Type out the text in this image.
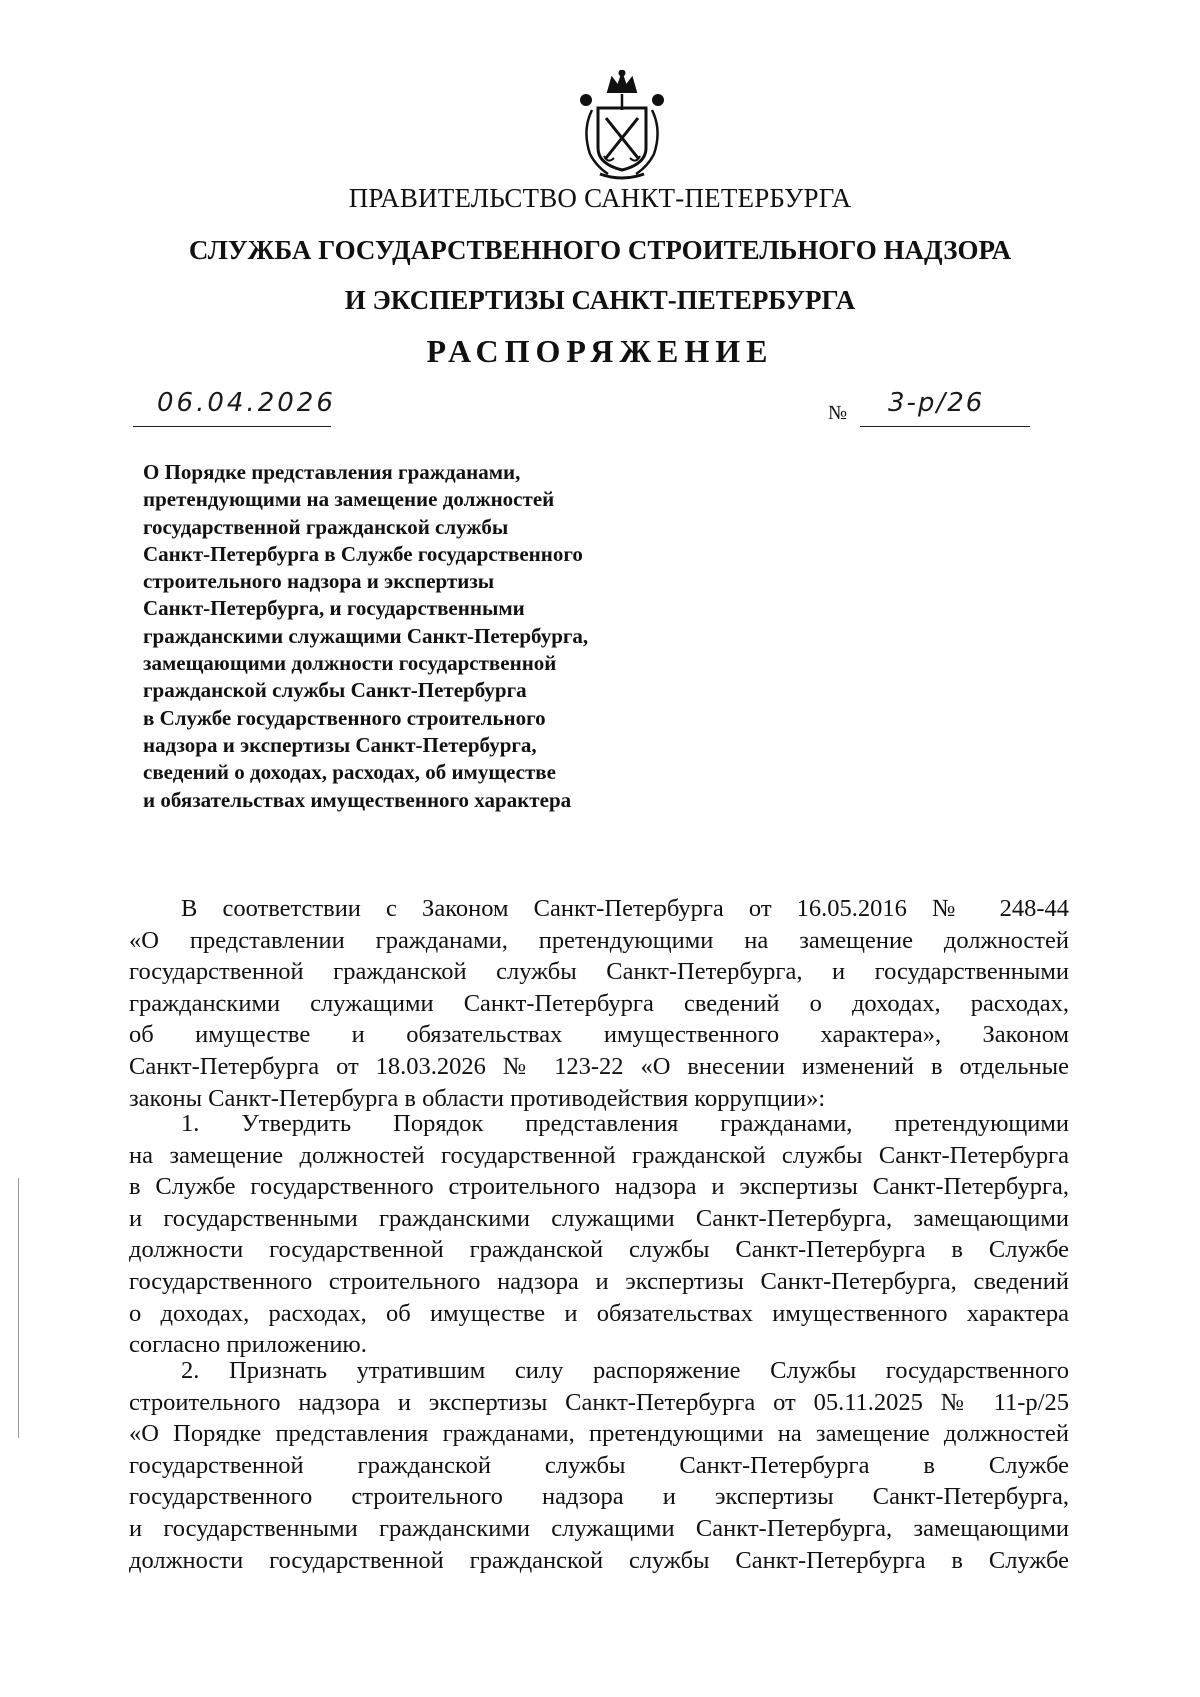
ПРАВИТЕЛЬСТВО САНКТ-ПЕТЕРБУРГА
СЛУЖБА ГОСУДАРСТВЕННОГО СТРОИТЕЛЬНОГО НАДЗОРА
И ЭКСПЕРТИЗЫ САНКТ-ПЕТЕРБУРГА
РАСПОРЯЖЕНИЕ
06.04.2026	№ 3-р/26
О Порядке представления гражданами,
претендующими на замещение должностей
государственной гражданской службы
Санкт-Петербурга в Службе государственного
строительного надзора и экспертизы
Санкт-Петербурга, и государственными
гражданскими служащими Санкт-Петербурга,
замещающими должности государственной
гражданской службы Санкт-Петербурга
в Службе государственного строительного
надзора и экспертизы Санкт-Петербурга,
сведений о доходах, расходах, об имуществе
и обязательствах имущественного характера
В соответствии с Законом Санкт-Петербурга от 16.05.2016 № 248-44
«О представлении гражданами, претендующими на замещение должностей
государственной гражданской службы Санкт-Петербурга, и государственными
гражданскими служащими Санкт-Петербурга сведений о доходах, расходах,
об имуществе и обязательствах имущественного характера», Законом
Санкт-Петербурга от 18.03.2026 № 123-22 «О внесении изменений в отдельные
законы Санкт-Петербурга в области противодействия коррупции»:
1. Утвердить Порядок представления гражданами, претендующими
на замещение должностей государственной гражданской службы Санкт-Петербурга
в Службе государственного строительного надзора и экспертизы Санкт-Петербурга,
и государственными гражданскими служащими Санкт-Петербурга, замещающими
должности государственной гражданской службы Санкт-Петербурга в Службе
государственного строительного надзора и экспертизы Санкт-Петербурга, сведений
о доходах, расходах, об имуществе и обязательствах имущественного характера
согласно приложению.
2. Признать утратившим силу распоряжение Службы государственного
строительного надзора и экспертизы Санкт-Петербурга от 05.11.2025 № 11-р/25
«О Порядке представления гражданами, претендующими на замещение должностей
государственной гражданской службы Санкт-Петербурга в Службе
государственного строительного надзора и экспертизы Санкт-Петербурга,
и государственными гражданскими служащими Санкт-Петербурга, замещающими
должности государственной гражданской службы Санкт-Петербурга в Службе
